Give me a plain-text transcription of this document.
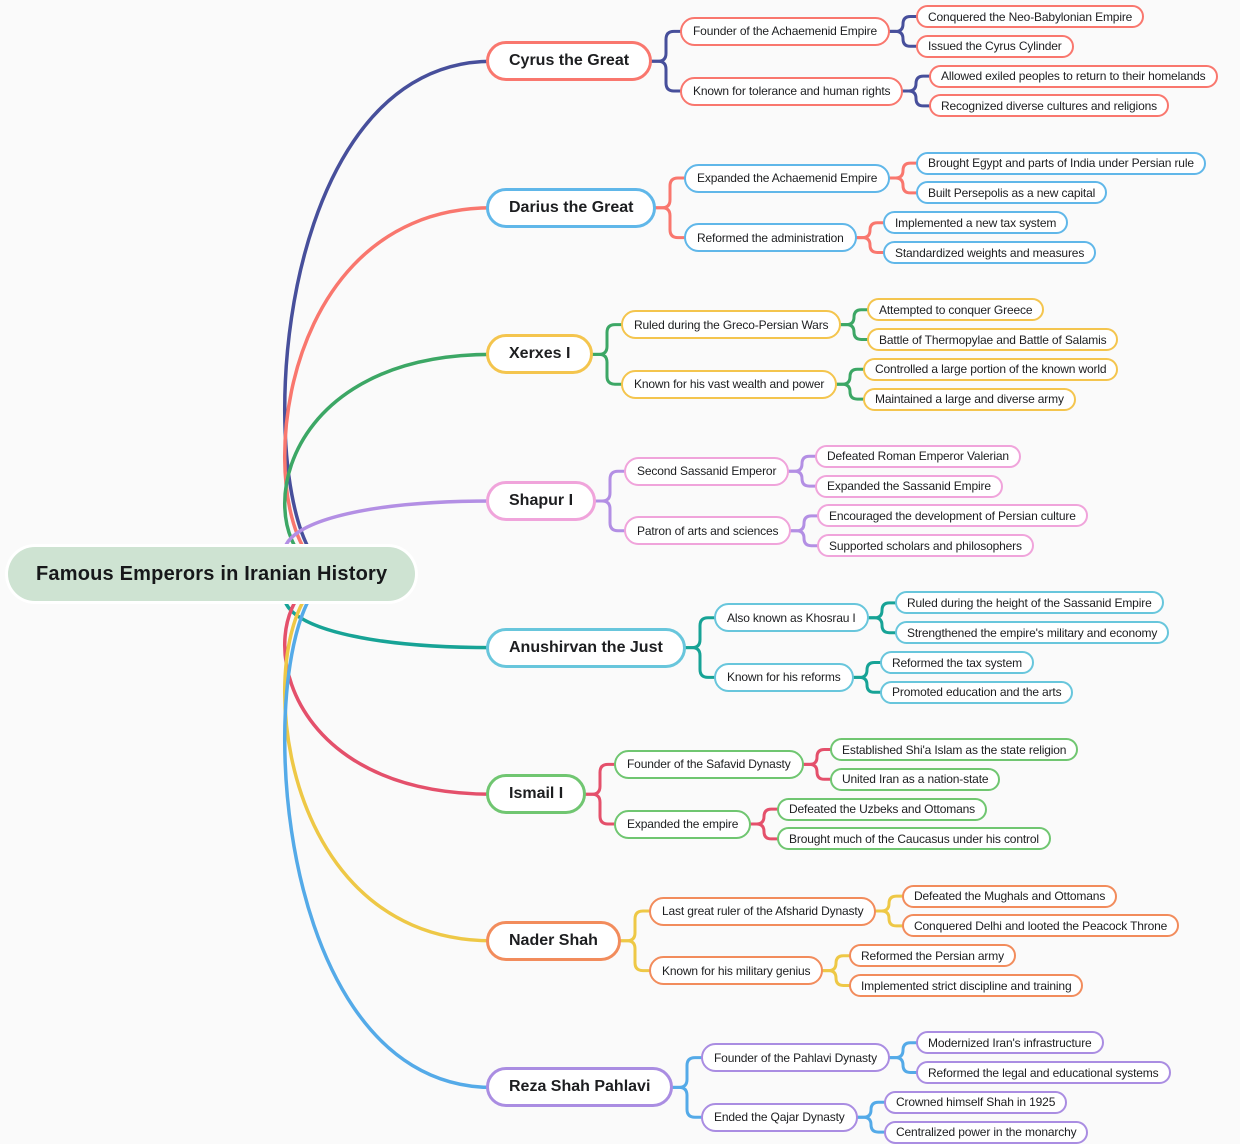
Famous Emperors in Iranian History
Cyrus the Great
Founder of the Achaemenid Empire
Conquered the Neo-Babylonian Empire
Issued the Cyrus Cylinder
Known for tolerance and human rights
Allowed exiled peoples to return to their homelands
Recognized diverse cultures and religions
Darius the Great
Expanded the Achaemenid Empire
Brought Egypt and parts of India under Persian rule
Built Persepolis as a new capital
Reformed the administration
Implemented a new tax system
Standardized weights and measures
Xerxes I
Ruled during the Greco-Persian Wars
Attempted to conquer Greece
Battle of Thermopylae and Battle of Salamis
Known for his vast wealth and power
Controlled a large portion of the known world
Maintained a large and diverse army
Shapur I
Second Sassanid Emperor
Defeated Roman Emperor Valerian
Expanded the Sassanid Empire
Patron of arts and sciences
Encouraged the development of Persian culture
Supported scholars and philosophers
Anushirvan the Just
Also known as Khosrau I
Ruled during the height of the Sassanid Empire
Strengthened the empire's military and economy
Known for his reforms
Reformed the tax system
Promoted education and the arts
Ismail I
Founder of the Safavid Dynasty
Established Shi'a Islam as the state religion
United Iran as a nation-state
Expanded the empire
Defeated the Uzbeks and Ottomans
Brought much of the Caucasus under his control
Nader Shah
Last great ruler of the Afsharid Dynasty
Defeated the Mughals and Ottomans
Conquered Delhi and looted the Peacock Throne
Known for his military genius
Reformed the Persian army
Implemented strict discipline and training
Reza Shah Pahlavi
Founder of the Pahlavi Dynasty
Modernized Iran's infrastructure
Reformed the legal and educational systems
Ended the Qajar Dynasty
Crowned himself Shah in 1925
Centralized power in the monarchy
